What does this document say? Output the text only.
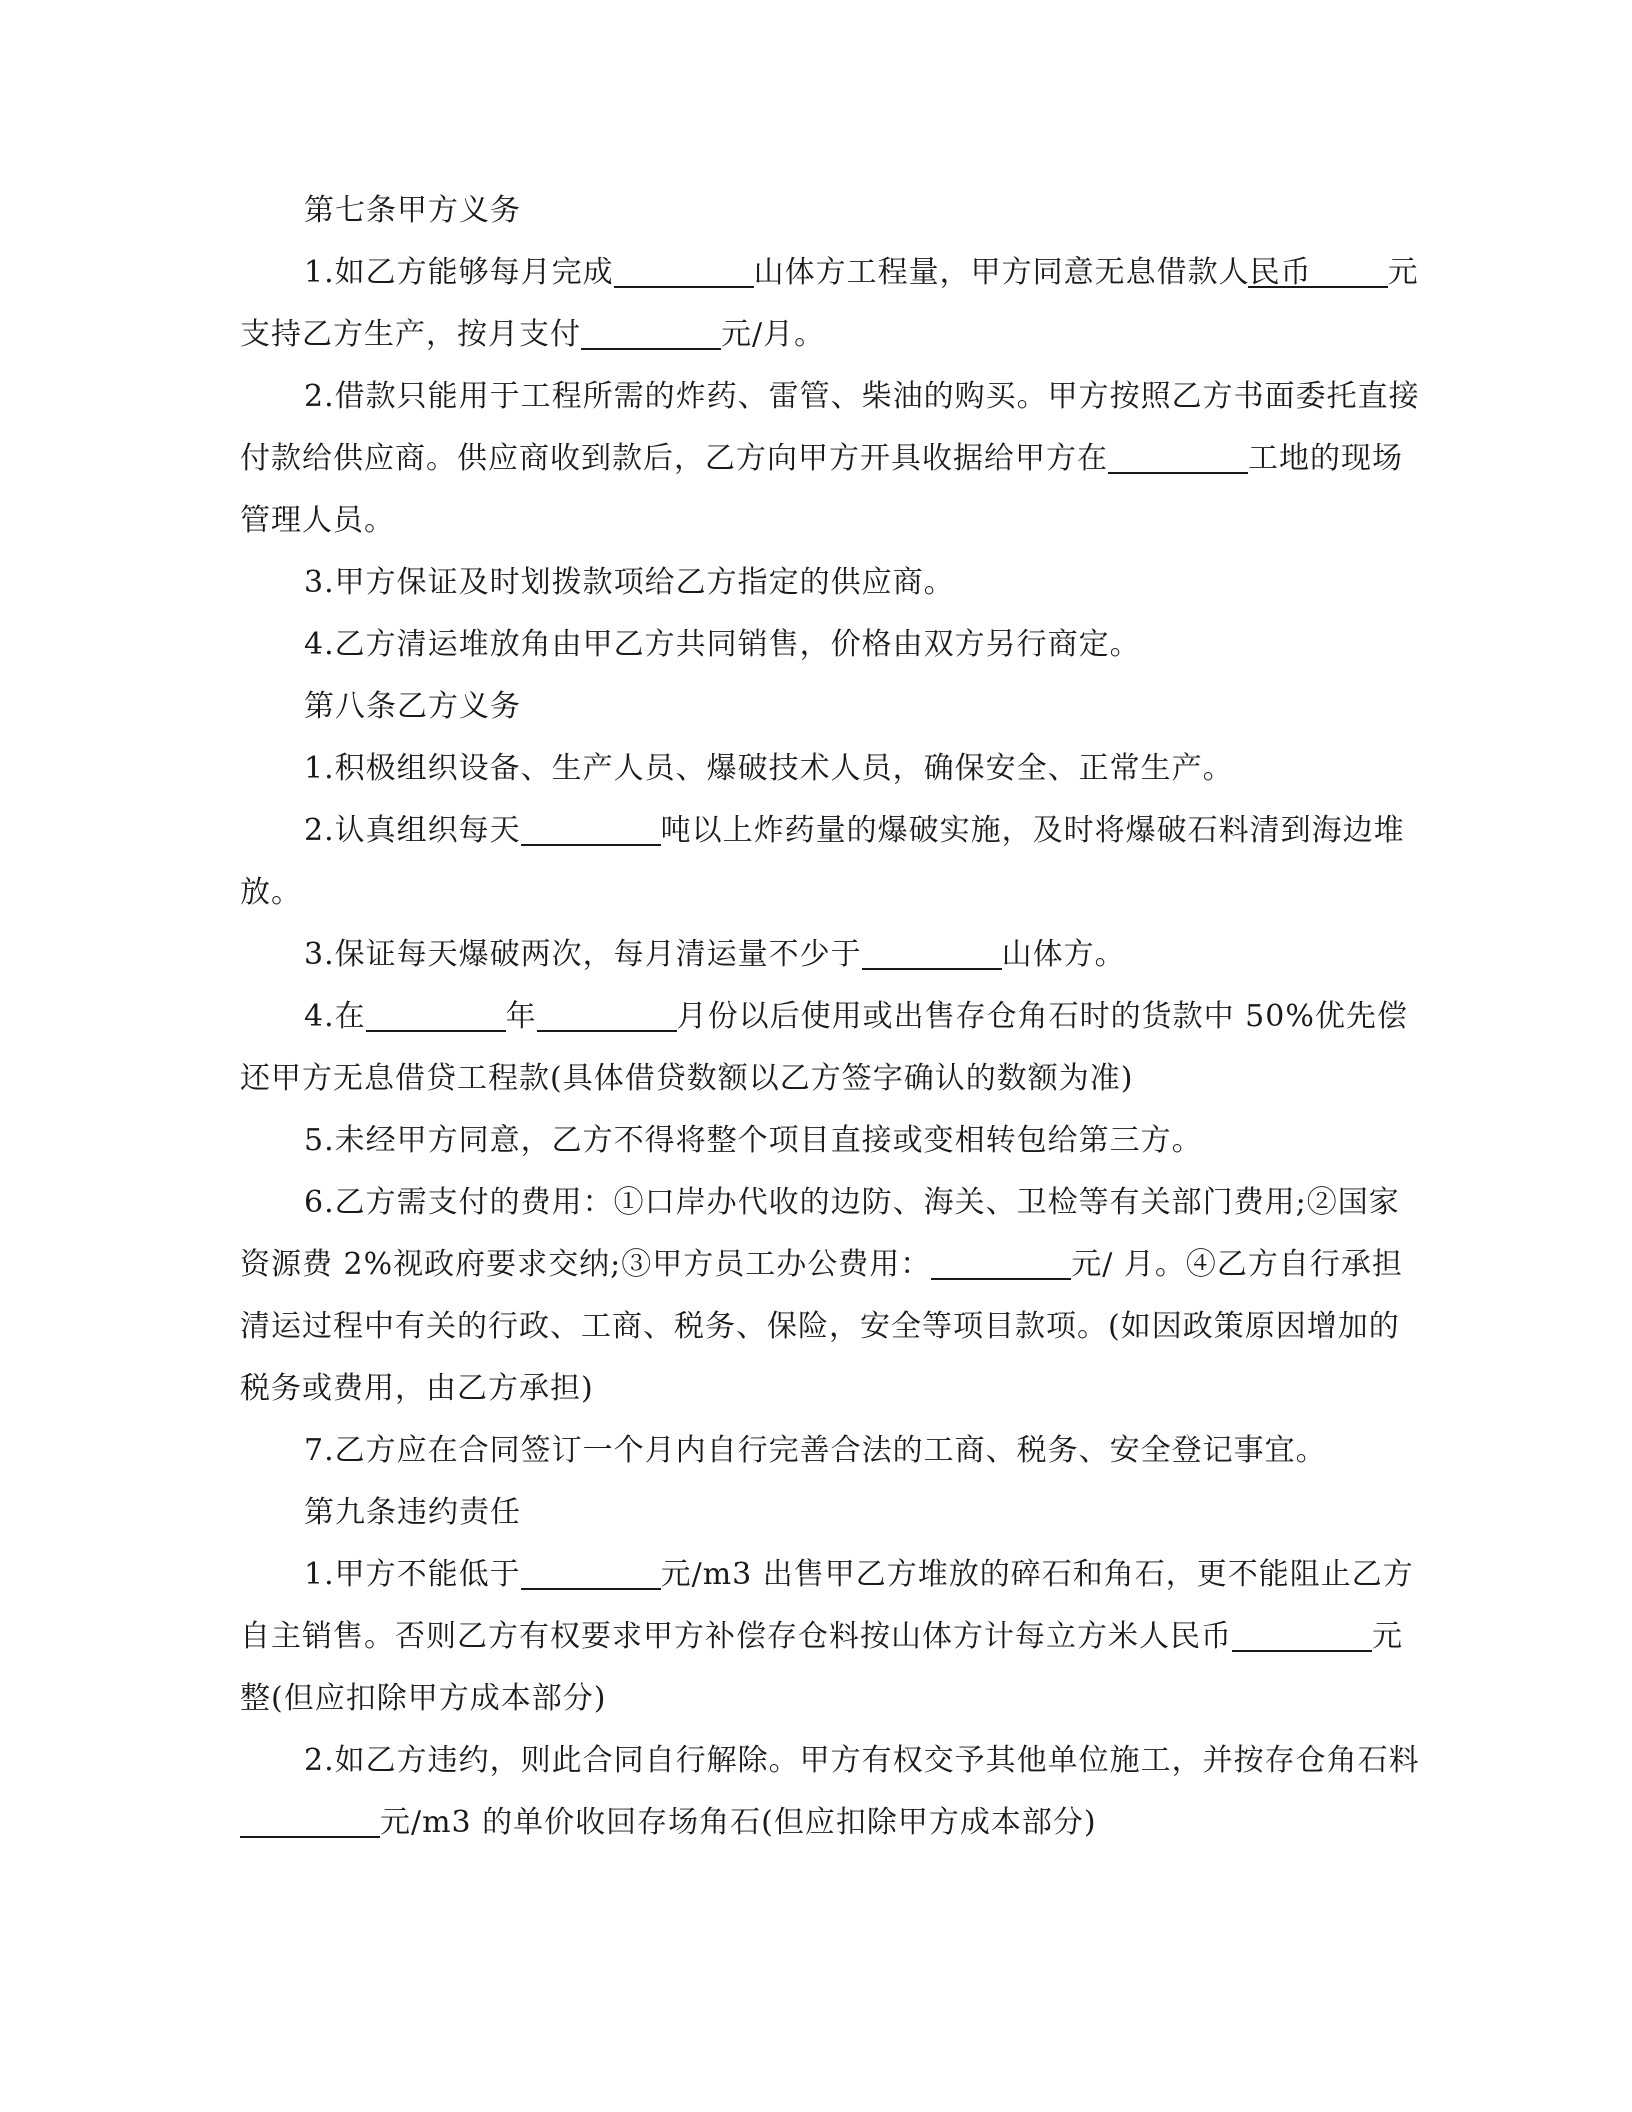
第七条甲方义务

1.如乙方能够每月完成	山体方工程量，甲方同意无息借款人民币	元支持乙方生产，按月支付	元/月。

2.借款只能用于工程所需的炸药、雷管、柴油的购买。甲方按照乙方书面委托直接付款给供应商。供应商收到款后，乙方向甲方开具收据给甲方在	工地的现场管理人员。

3.甲方保证及时划拨款项给乙方指定的供应商。

4.乙方清运堆放角由甲乙方共同销售，价格由双方另行商定。

第八条乙方义务

1.积极组织设备、生产人员、爆破技术人员，确保安全、正常生产。

2.认真组织每天	吨以上炸药量的爆破实施，及时将爆破石料清到海边堆放。

3.保证每天爆破两次，每月清运量不少于	山体方。

4.在	年	月份以后使用或出售存仓角石时的货款中 50%优先偿还甲方无息借贷工程款(具体借贷数额以乙方签字确认的数额为准)

5.未经甲方同意，乙方不得将整个项目直接或变相转包给第三方。

6.乙方需支付的费用：①口岸办代收的边防、海关、卫检等有关部门费用;②国家资源费 2%视政府要求交纳;③甲方员工办公费用：	元/ 月。④乙方自行承担清运过程中有关的行政、工商、税务、保险，安全等项目款项。(如因政策原因增加的税务或费用，由乙方承担)

7.乙方应在合同签订一个月内自行完善合法的工商、税务、安全登记事宜。

第九条违约责任

1.甲方不能低于	元/m3 出售甲乙方堆放的碎石和角石，更不能阻止乙方自主销售。否则乙方有权要求甲方补偿存仓料按山体方计每立方米人民币	元整(但应扣除甲方成本部分)

2.如乙方违约，则此合同自行解除。甲方有权交予其他单位施工，并按存仓角石料元/m3 的单价收回存场角石(但应扣除甲方成本部分)
